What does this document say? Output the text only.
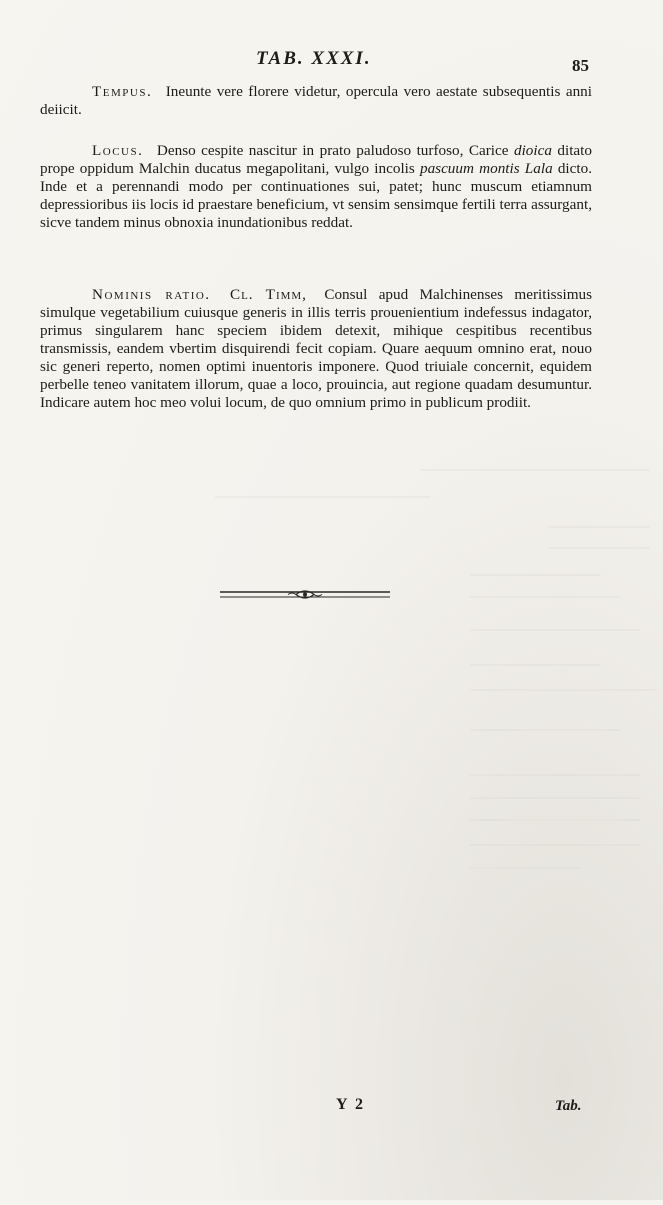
TAB. XXXI.	85

Tempus. Ineunte vere florere videtur, opercula vero aestate subsequentis anni deiicit.

Locus. Denso cespite nascitur in prato paludoso turfoso, Carice dioica ditato prope oppidum Malchin ducatus megapolitani, vulgo incolis pascuum montis Lala dicto. Inde et a perennandi modo per continuationes sui, patet; hunc muscum etiamnum depressioribus iis locis id praestare beneficium, vt sensim sensimque fertili terra assurgant, sicve tandem minus obnoxia inundationibus reddat.

Nominis ratio. Cl. Timm, Consul apud Malchinenses meritissimus simulque vegetabilium cuiusque generis in illis terris prouenientium indefessus indagator, primus singularem hanc speciem ibidem detexit, mihique cespitibus recentibus transmissis, eandem vbertim disquirendi fecit copiam. Quare aequum omnino erat, nouo sic generi reperto, nomen optimi inuentoris imponere. Quod triuiale concernit, equidem perbelle teneo vanitatem illorum, quae a loco, prouincia, aut regione quadam desumuntur. Indicare autem hoc meo volui locum, de quo omnium primo in publicum prodiit.

Y 2	Tab.
